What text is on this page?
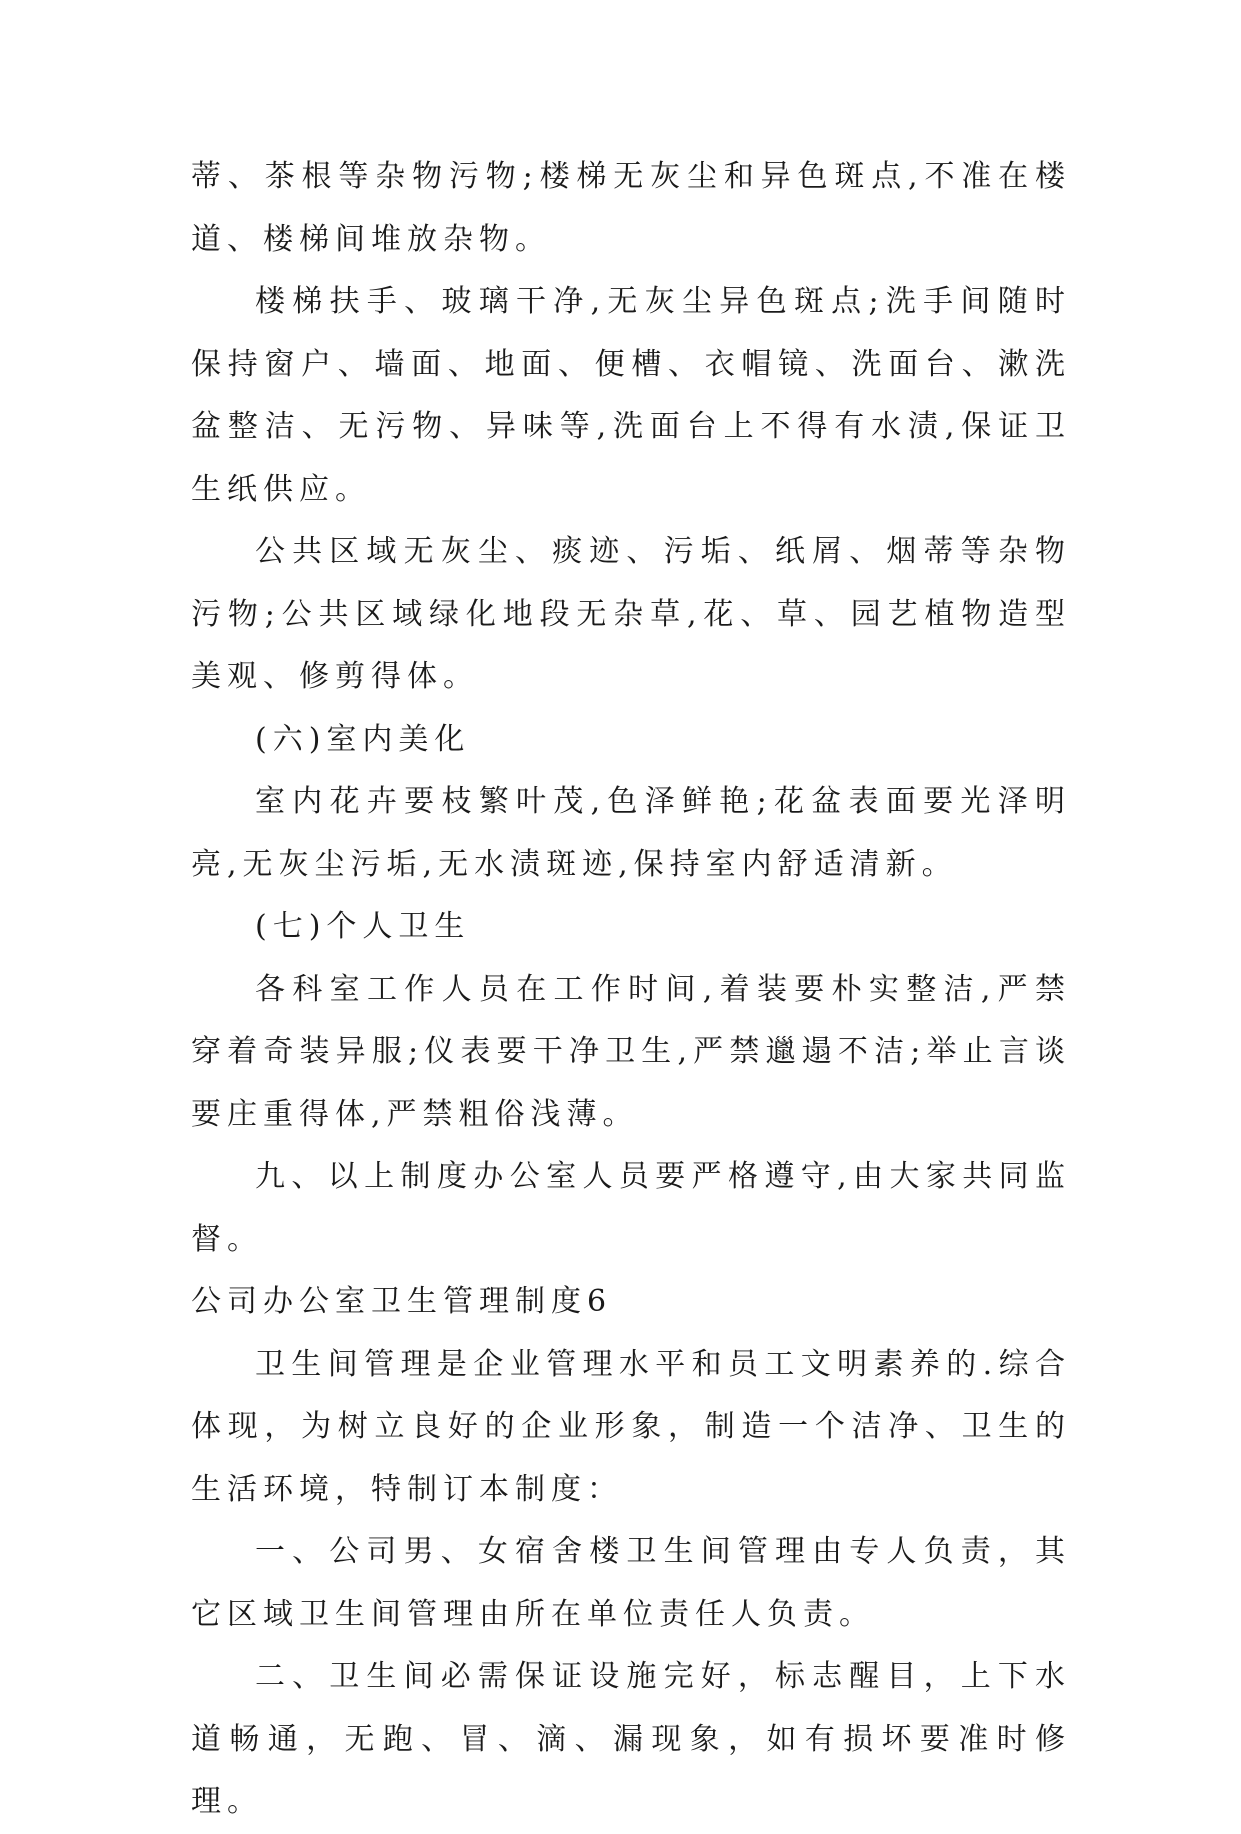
蒂、茶根等杂物污物;楼梯无灰尘和异色斑点,不准在楼道、楼梯间堆放杂物。

楼梯扶手、玻璃干净,无灰尘异色斑点;洗手间随时保持窗户、墙面、地面、便槽、衣帽镜、洗面台、漱洗盆整洁、无污物、异味等,洗面台上不得有水渍,保证卫生纸供应。

公共区域无灰尘、痰迹、污垢、纸屑、烟蒂等杂物污物;公共区域绿化地段无杂草,花、草、园艺植物造型美观、修剪得体。

(六)室内美化

室内花卉要枝繁叶茂,色泽鲜艳;花盆表面要光泽明亮,无灰尘污垢,无水渍斑迹,保持室内舒适清新。

(七)个人卫生

各科室工作人员在工作时间,着装要朴实整洁,严禁穿着奇装异服;仪表要干净卫生,严禁邋遢不洁;举止言谈要庄重得体,严禁粗俗浅薄。

九、以上制度办公室人员要严格遵守,由大家共同监督。

公司办公室卫生管理制度6

卫生间管理是企业管理水平和员工文明素养的.综合体现，为树立良好的企业形象，制造一个洁净、卫生的生活环境，特制订本制度：

一、公司男、女宿舍楼卫生间管理由专人负责，其它区域卫生间管理由所在单位责任人负责。

二、卫生间必需保证设施完好，标志醒目，上下水道畅通，无跑、冒、滴、漏现象，如有损坏要准时修理。
